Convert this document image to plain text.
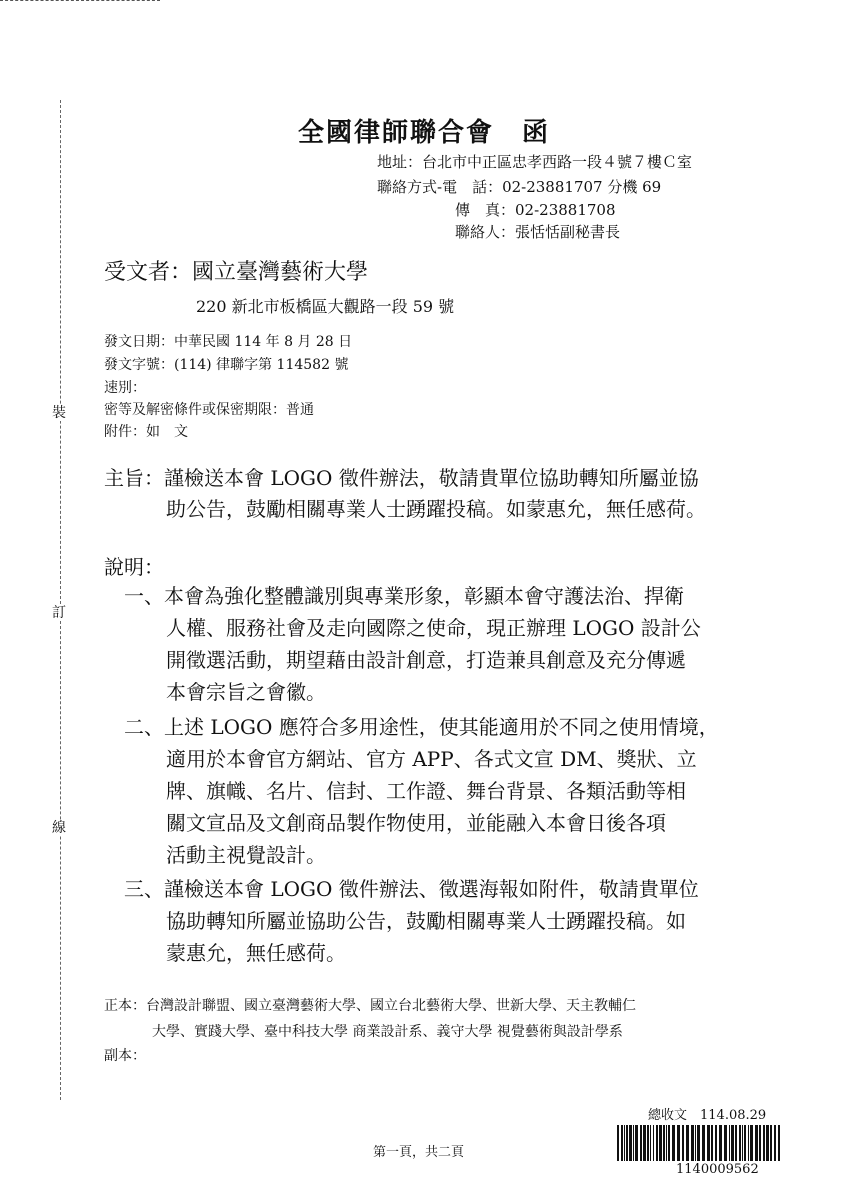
裝
訂
線
全國律師聯合會　函
地址：台北市中正區忠孝西路一段４號７樓Ｃ室
聯絡方式-電　話：02-23881707 分機 69
傳　真：02-23881708
聯絡人：張恬恬副秘書長
受文者：國立臺灣藝術大學
220 新北市板橋區大觀路一段 59 號
發文日期：中華民國 114 年 8 月 28 日
發文字號：(114) 律聯字第 114582 號
速別：
密等及解密條件或保密期限：普通
附件：如　文
主旨：謹檢送本會 LOGO 徵件辦法，敬請貴單位協助轉知所屬並協
助公告，鼓勵相關專業人士踴躍投稿。如蒙惠允，無任感荷。
說明：
一、本會為強化整體識別與專業形象，彰顯本會守護法治、捍衛
人權、服務社會及走向國際之使命，現正辦理 LOGO 設計公
開徵選活動，期望藉由設計創意，打造兼具創意及充分傳遞
本會宗旨之會徽。
二、上述 LOGO 應符合多用途性，使其能適用於不同之使用情境，
適用於本會官方網站、官方 APP、各式文宣 DM、獎狀、立
牌、旗幟、名片、信封、工作證、舞台背景、各類活動等相
關文宣品及文創商品製作物使用，並能融入本會日後各項
活動主視覺設計。
三、謹檢送本會 LOGO 徵件辦法、徵選海報如附件，敬請貴單位
協助轉知所屬並協助公告，鼓勵相關專業人士踴躍投稿。如
蒙惠允，無任感荷。
正本：台灣設計聯盟、國立臺灣藝術大學、國立台北藝術大學、世新大學、天主教輔仁
大學、實踐大學、臺中科技大學 商業設計系、義守大學 視覺藝術與設計學系
副本：
總收文　114.08.29
1140009562
第一頁，共二頁
